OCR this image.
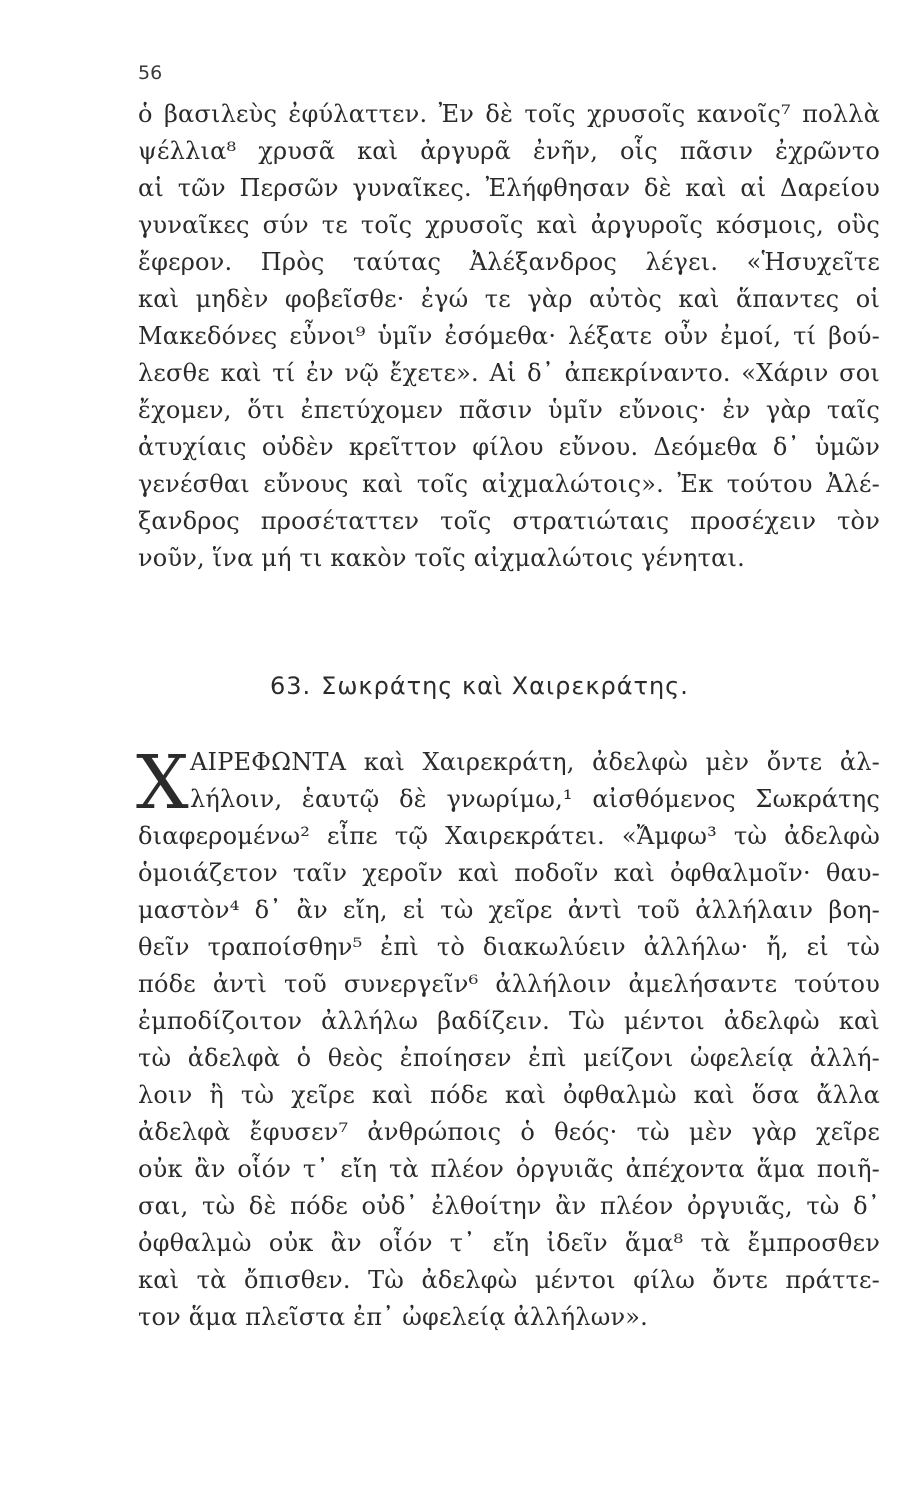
56
ὁ βασιλεὺς ἐφύλαττεν. Ἐν δὲ τοῖς χρυσοῖς κανοῖς⁷ πολλὰ
ψέλλια⁸ χρυσᾶ καὶ ἀργυρᾶ ἐνῆν, οἷς πᾶσιν ἐχρῶντο
αἱ τῶν Περσῶν γυναῖκες. Ἐλήφθησαν δὲ καὶ αἱ Δαρείου
γυναῖκες σύν τε τοῖς χρυσοῖς καὶ ἀργυροῖς κόσμοις, οὓς
ἔφερον. Πρὸς ταύτας Ἀλέξανδρος λέγει. «Ἡσυχεῖτε
καὶ μηδὲν φοβεῖσθε· ἐγώ τε γὰρ αὐτὸς καὶ ἅπαντες οἱ
Μακεδόνες εὖνοι⁹ ὑμῖν ἐσόμεθα· λέξατε οὖν ἐμοί, τί βού-
λεσθε καὶ τί ἐν νῷ ἔχετε». Αἱ δ᾽ ἀπεκρίναντο. «Χάριν σοι
ἔχομεν, ὅτι ἐπετύχομεν πᾶσιν ὑμῖν εὔνοις· ἐν γὰρ ταῖς
ἀτυχίαις οὐδὲν κρεῖττον φίλου εὔνου. Δεόμεθα δ᾽ ὑμῶν
γενέσθαι εὔνους καὶ τοῖς αἰχμαλώτοις». Ἐκ τούτου Ἀλέ-
ξανδρος προσέταττεν τοῖς στρατιώταις προσέχειν τὸν
νοῦν, ἵνα μή τι κακὸν τοῖς αἰχμαλώτοις γένηται.
63. Σωκράτης καὶ Χαιρεκράτης.
Χ ΑΙΡΕΦΩΝΤΑ καὶ Χαιρεκράτη, ἀδελφὼ μὲν ὄντε ἀλ-
λήλοιν, ἑαυτῷ δὲ γνωρίμω,¹ αἰσθόμενος Σωκράτης
διαφερομένω² εἶπε τῷ Χαιρεκράτει. «Ἄμφω³ τὼ ἀδελφὼ
ὁμοιάζετον ταῖν χεροῖν καὶ ποδοῖν καὶ ὀφθαλμοῖν· θαυ-
μαστὸν⁴ δ᾽ ἂν εἴη, εἰ τὼ χεῖρε ἀντὶ τοῦ ἀλλήλαιν βοη-
θεῖν τραποίσθην⁵ ἐπὶ τὸ διακωλύειν ἀλλήλω· ἤ, εἰ τὼ
πόδε ἀντὶ τοῦ συνεργεῖν⁶ ἀλλήλοιν ἀμελήσαντε τούτου
ἐμποδίζοιτον ἀλλήλω βαδίζειν. Τὼ μέντοι ἀδελφὼ καὶ
τὼ ἀδελφὰ ὁ θεὸς ἐποίησεν ἐπὶ μείζονι ὠφελείᾳ ἀλλή-
λοιν ἢ τὼ χεῖρε καὶ πόδε καὶ ὀφθαλμὼ καὶ ὅσα ἄλλα
ἀδελφὰ ἔφυσεν⁷ ἀνθρώποις ὁ θεός· τὼ μὲν γὰρ χεῖρε
οὐκ ἂν οἷόν τ᾽ εἴη τὰ πλέον ὀργυιᾶς ἀπέχοντα ἅμα ποιῆ-
σαι, τὼ δὲ πόδε οὐδ᾽ ἐλθοίτην ἂν πλέον ὀργυιᾶς, τὼ δ᾽
ὀφθαλμὼ οὐκ ἂν οἷόν τ᾽ εἴη ἰδεῖν ἅμα⁸ τὰ ἔμπροσθεν
καὶ τὰ ὄπισθεν. Τὼ ἀδελφὼ μέντοι φίλω ὄντε πράττε-
τον ἅμα πλεῖστα ἐπ᾽ ὠφελείᾳ ἀλλήλων».
